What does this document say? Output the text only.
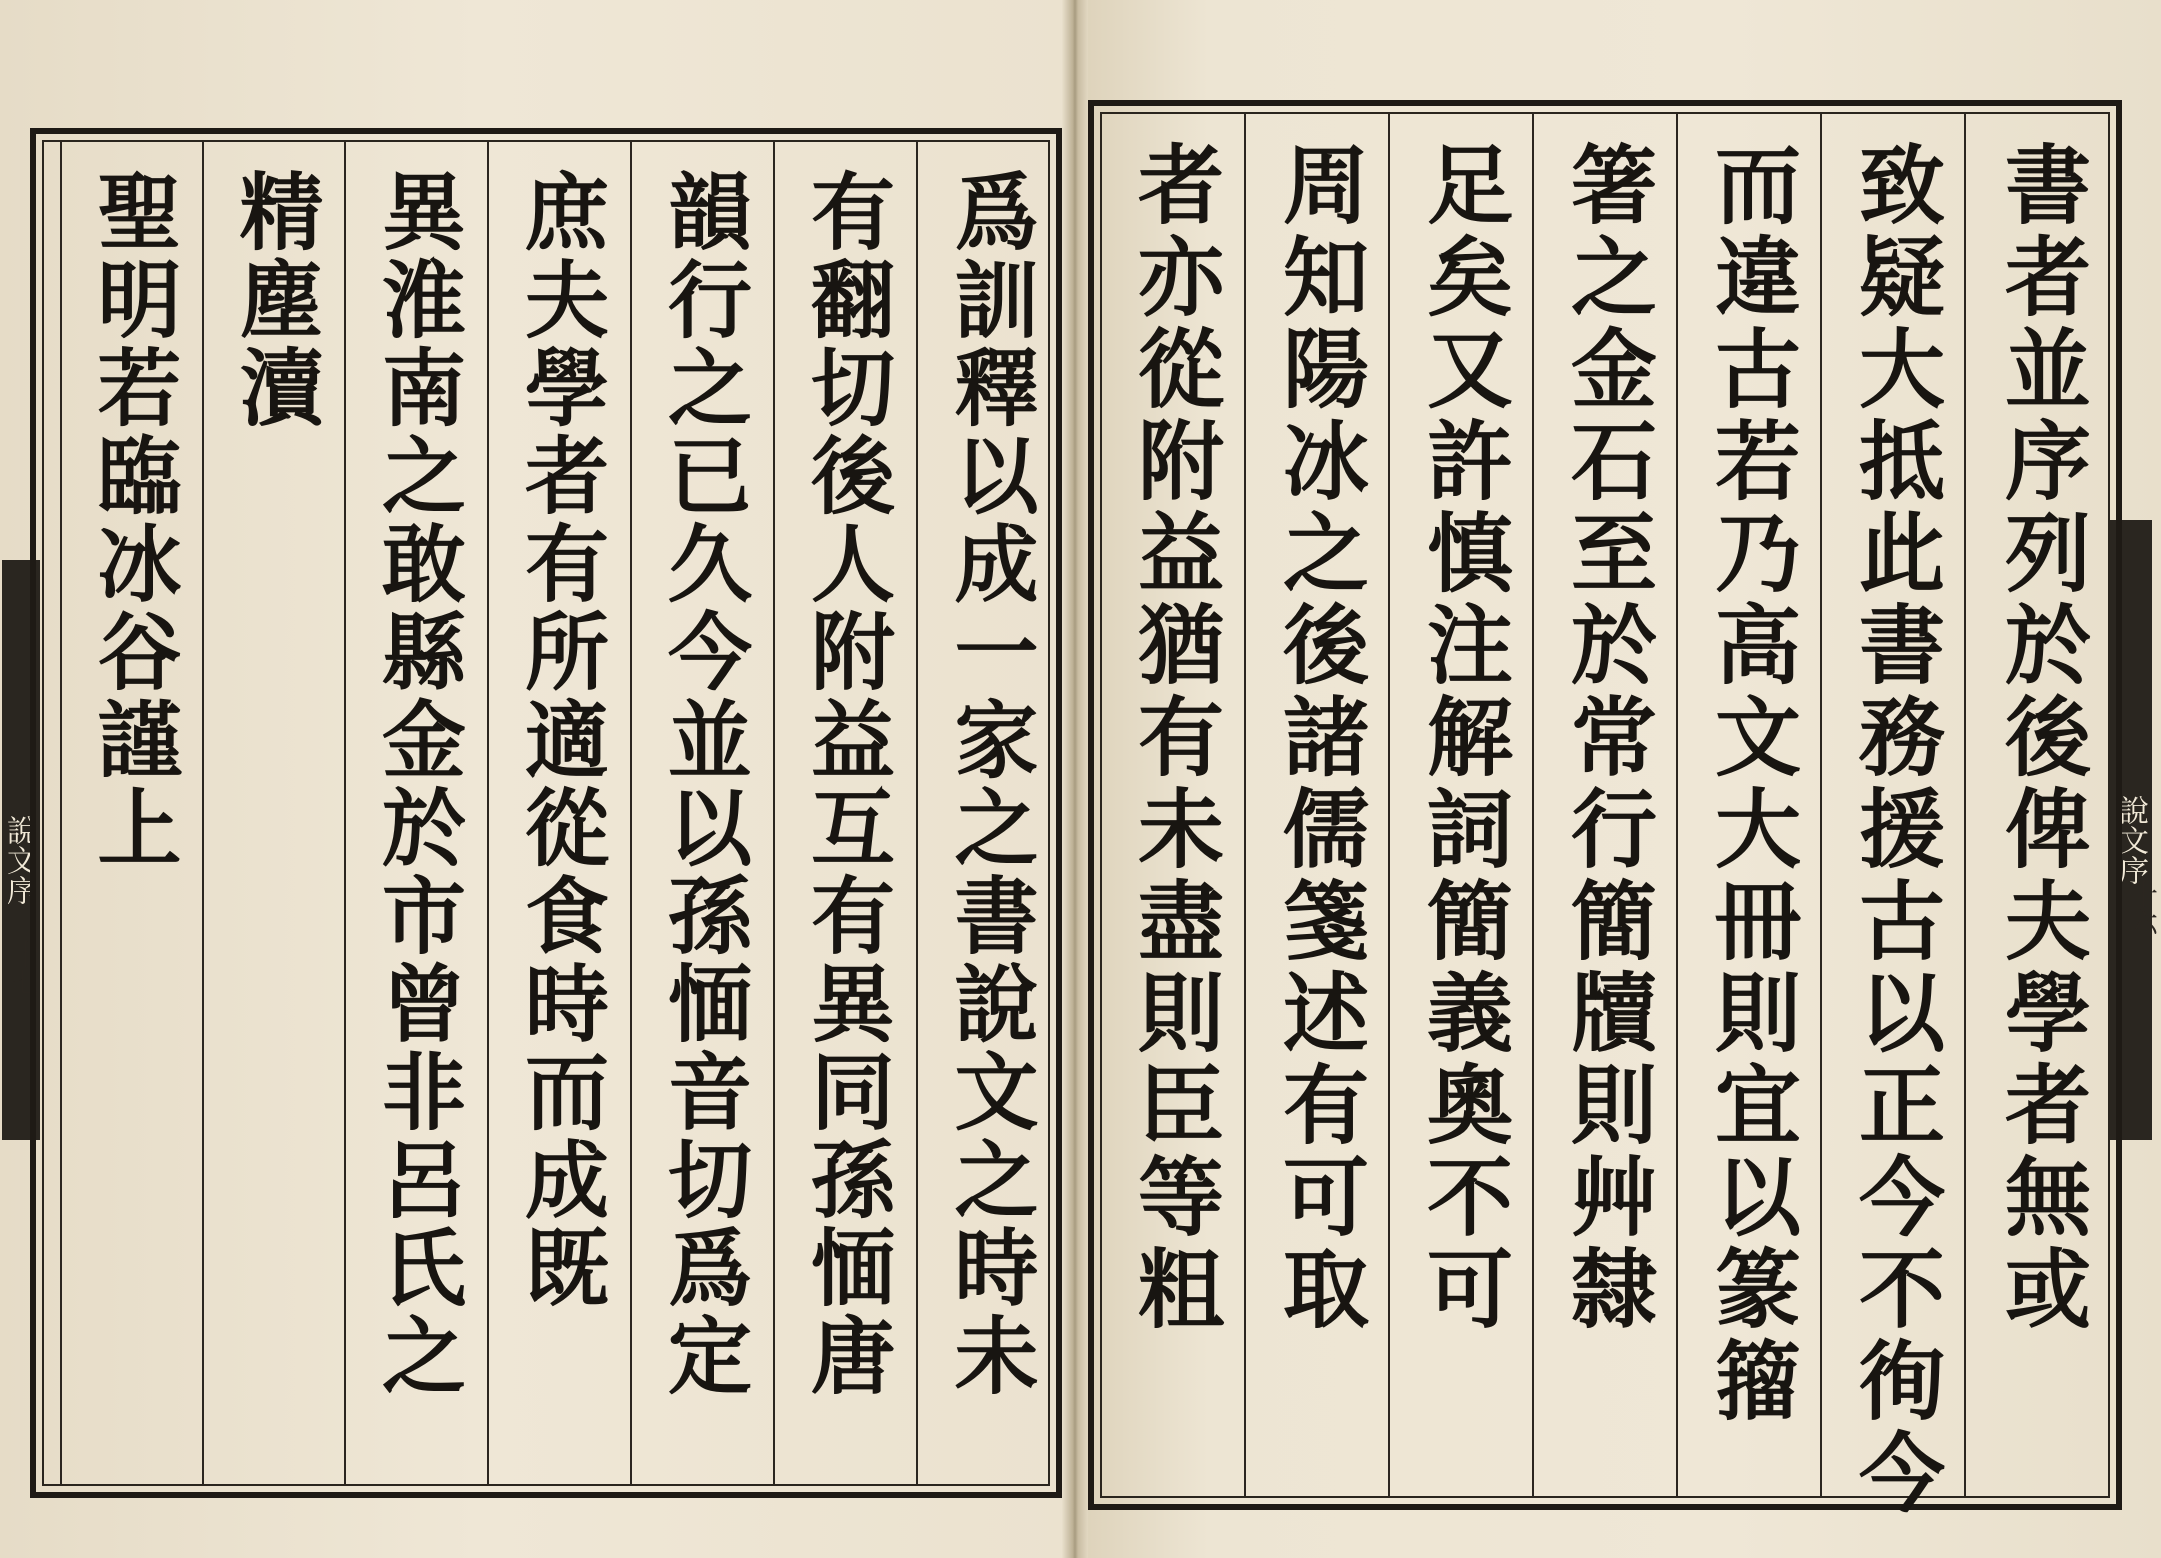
說文序
十七
說文序
十六
爲訓釋以成一家之書說文之時未
有翻切後人附益互有異同孫愐唐
韻行之已久今並以孫愐音切爲定
庶夫學者有所適從食時而成既
異淮南之敢縣金於市曾非呂氏之
精塵瀆
聖明若臨冰谷謹上	書者並序列於後俾夫學者無或
致疑大抵此書務援古以正今不徇今
而違古若乃高文大冊則宜以篆籀
箸之金石至於常行簡牘則艸隸
足矣又許慎注解詞簡義奧不可
周知陽冰之後諸儒箋述有可取
者亦從附益猶有未盡則臣等粗
